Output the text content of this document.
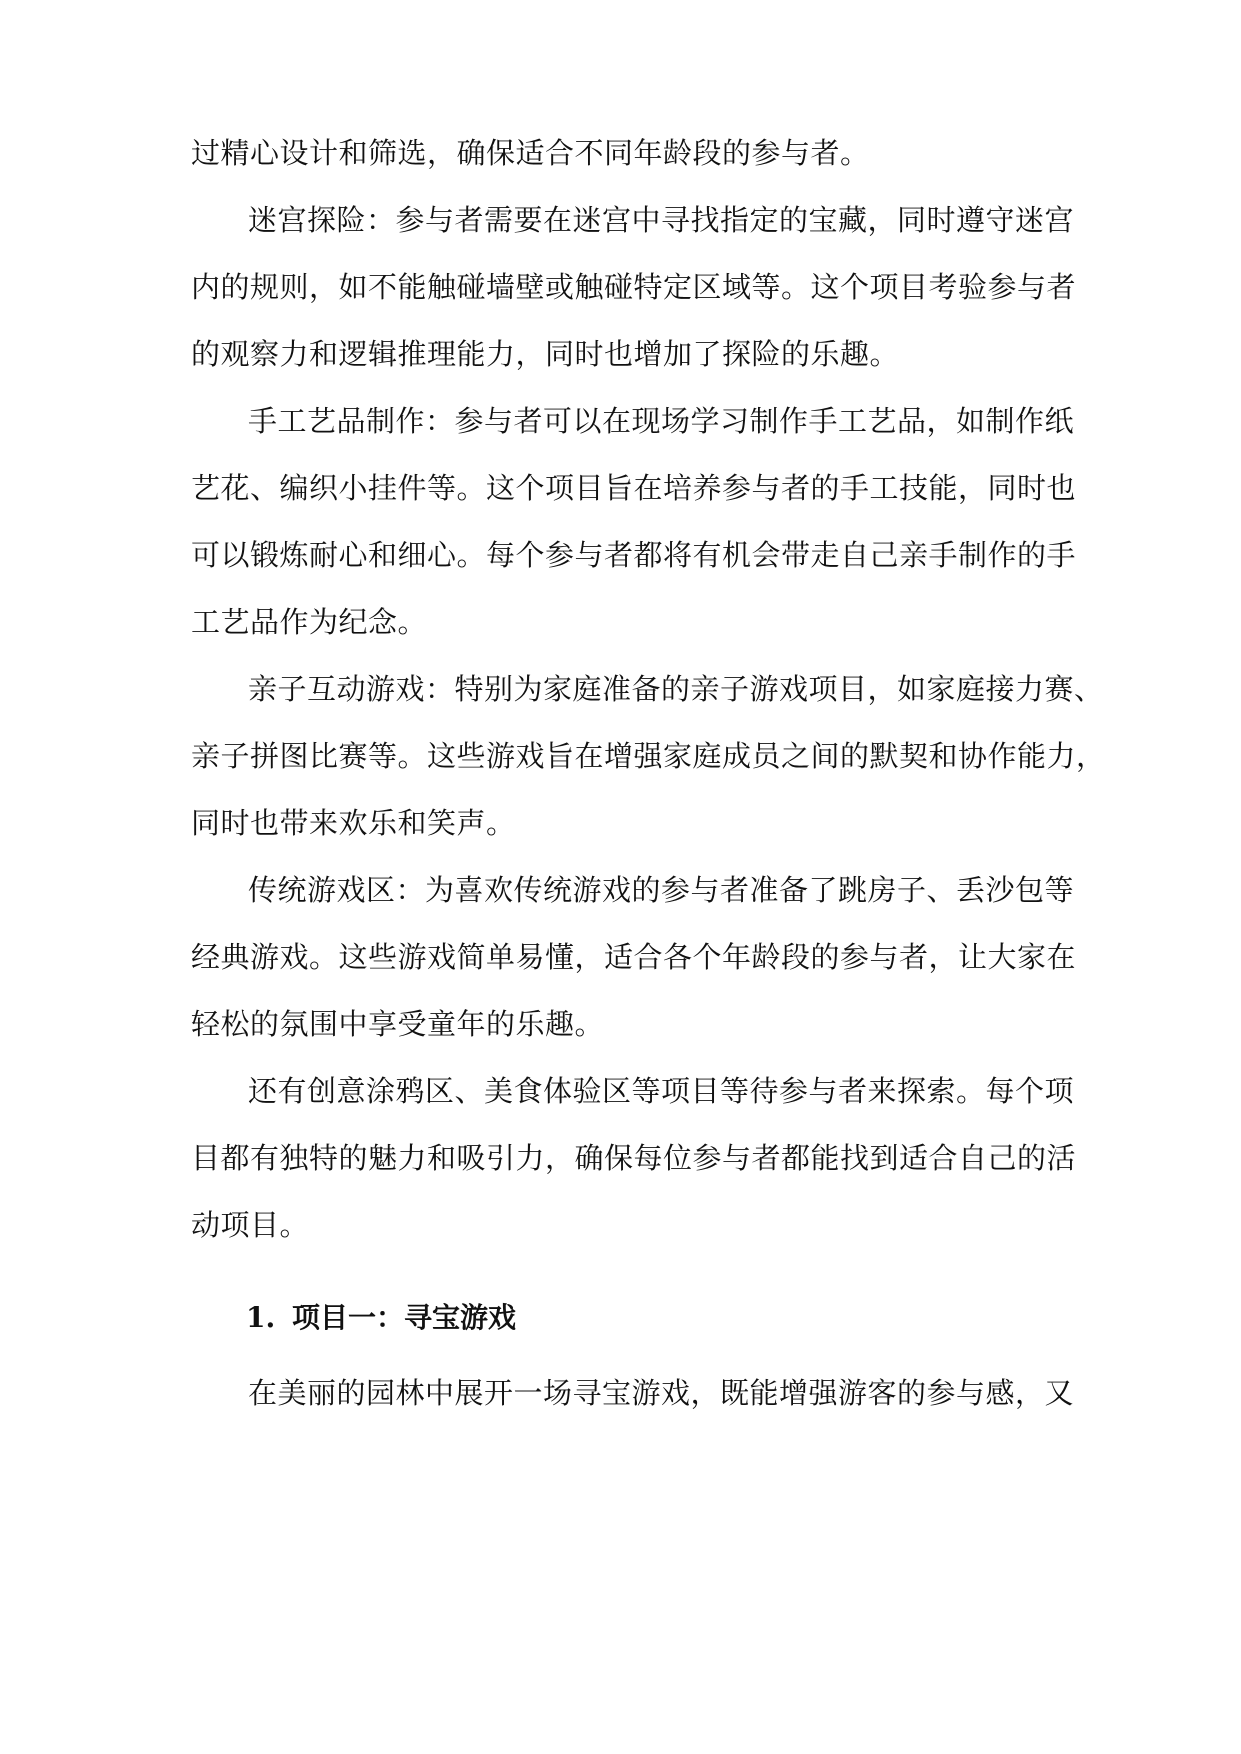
过精心设计和筛选，确保适合不同年龄段的参与者。
迷宫探险：参与者需要在迷宫中寻找指定的宝藏，同时遵守迷宫
内的规则，如不能触碰墙壁或触碰特定区域等。这个项目考验参与者
的观察力和逻辑推理能力，同时也增加了探险的乐趣。
手工艺品制作：参与者可以在现场学习制作手工艺品，如制作纸
艺花、编织小挂件等。这个项目旨在培养参与者的手工技能，同时也
可以锻炼耐心和细心。每个参与者都将有机会带走自己亲手制作的手
工艺品作为纪念。
亲子互动游戏：特别为家庭准备的亲子游戏项目，如家庭接力赛、
亲子拼图比赛等。这些游戏旨在增强家庭成员之间的默契和协作能力，
同时也带来欢乐和笑声。
传统游戏区：为喜欢传统游戏的参与者准备了跳房子、丢沙包等
经典游戏。这些游戏简单易懂，适合各个年龄段的参与者，让大家在
轻松的氛围中享受童年的乐趣。
还有创意涂鸦区、美食体验区等项目等待参与者来探索。每个项
目都有独特的魅力和吸引力，确保每位参与者都能找到适合自己的活
动项目。
1. 项目一：寻宝游戏
在美丽的园林中展开一场寻宝游戏，既能增强游客的参与感，又
